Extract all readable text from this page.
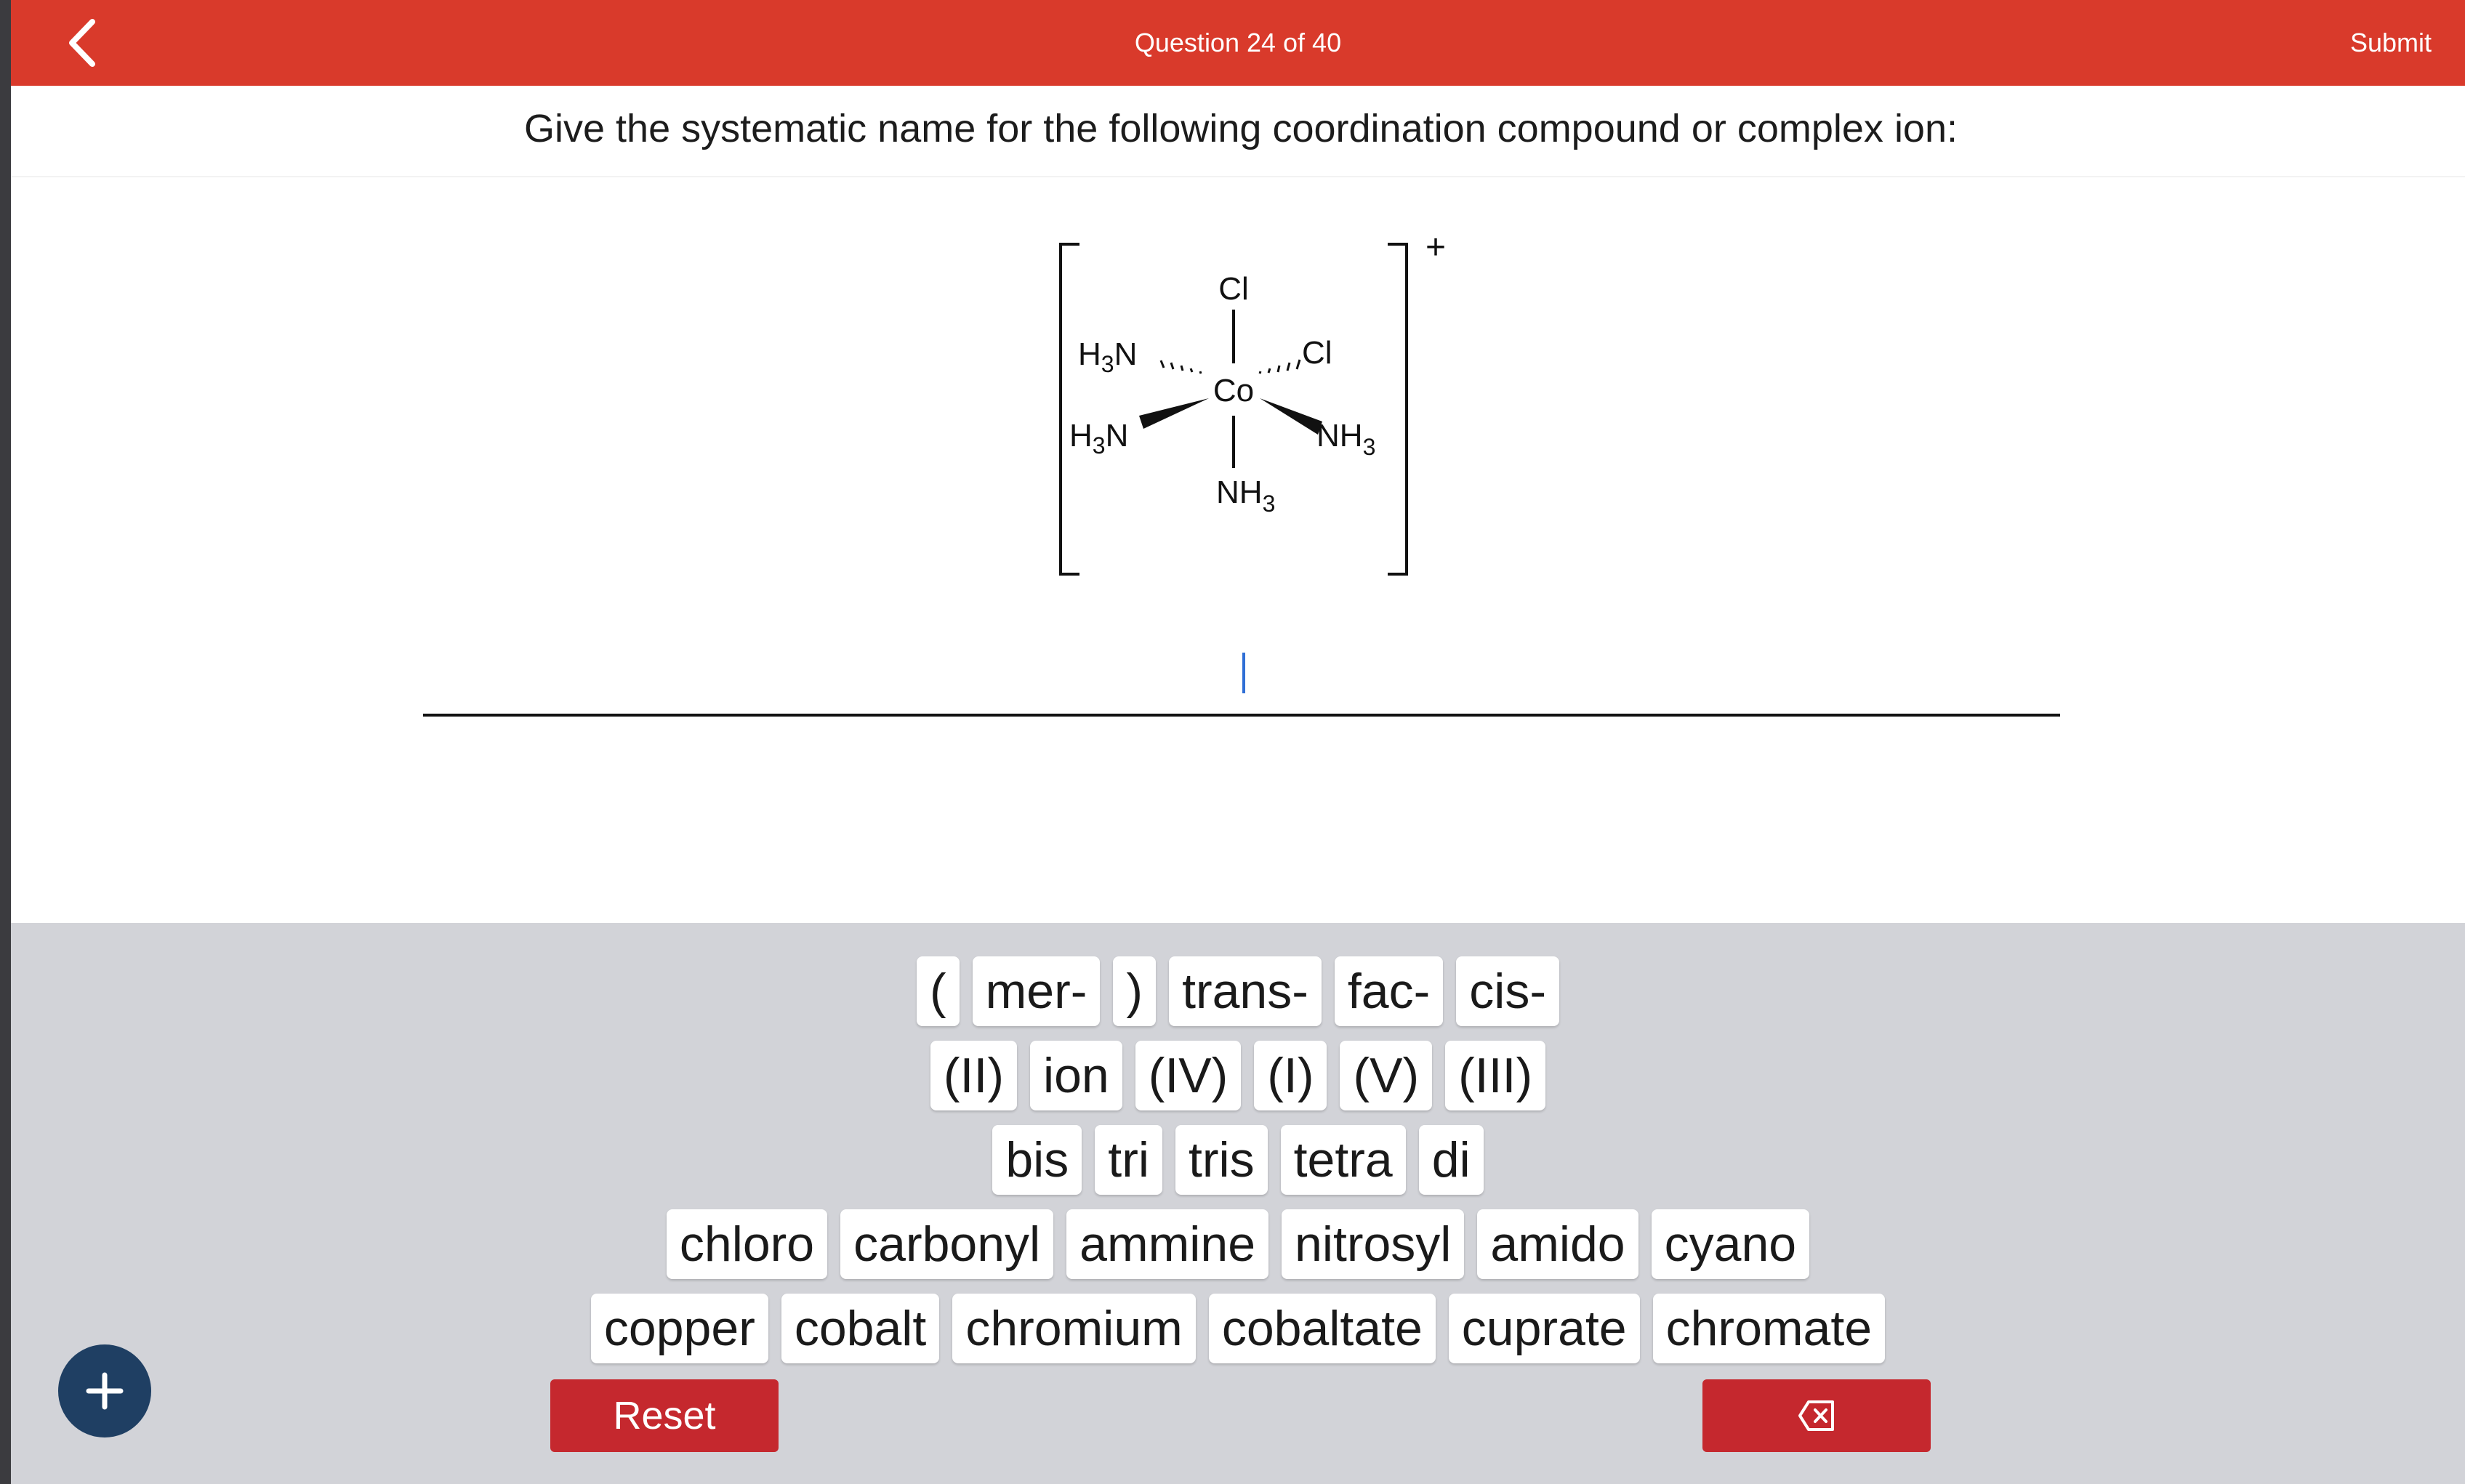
Question 24 of 40	Submit
Give the systematic name for the following coordination compound or complex ion:
+
Cl
Cl
Co
$H_3N$
$H_3N$	$NH_3$
$NH_3$
( mer- ) trans- fac- cis-
(II) ion (IV) (I) (V) (III)
bis tri tris tetra di
chloro carbonyl ammine nitrosyl amido cyano
copper cobalt chromium cobaltate cuprate chromate
Reset
